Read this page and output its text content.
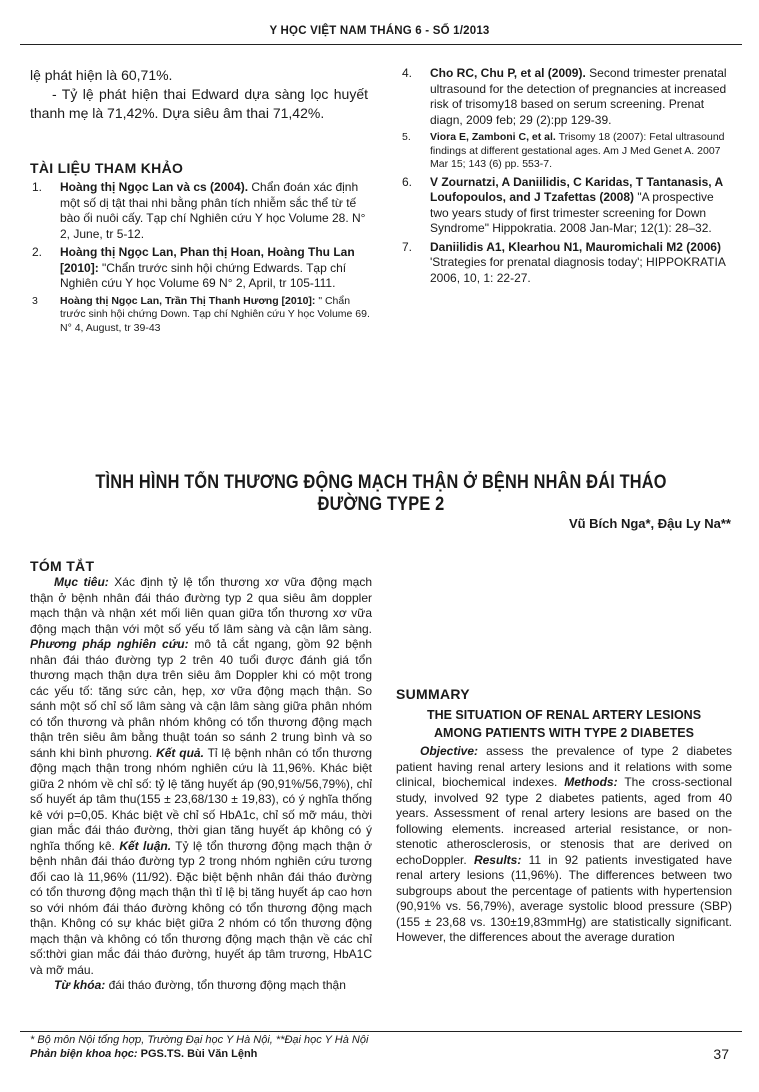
Y HỌC VIỆT NAM THÁNG 6 - SỐ 1/2013
lệ phát hiện là 60,71%.
- Tỷ lệ phát hiện thai Edward dựa sàng lọc huyết thanh mẹ là 71,42%. Dựa siêu âm thai 71,42%.
TÀI LIỆU THAM KHẢO
1.	Hoàng thị Ngọc Lan và cs (2004). Chẩn đoán xác định một số dị tật thai nhi bằng phân tích nhiễm sắc thể từ tế bào ối nuôi cấy. Tạp chí Nghiên cứu Y học Volume 28. N° 2, June, tr 5-12.
2.	Hoàng thị Ngọc Lan, Phan thị Hoan, Hoàng Thu Lan [2010]: "Chẩn trước sinh hội chứng Edwards. Tạp chí Nghiên cứu Y học Volume 69 N° 2, April, tr 105-111.
3	Hoàng thị Ngọc Lan, Trần Thị Thanh Hương [2010]: " Chẩn trước sinh hội chứng Down. Tạp chí Nghiên cứu Y học Volume 69. N° 4, August, tr 39-43
4.	Cho RC, Chu P, et al (2009). Second trimester prenatal ultrasound for the detection of pregnancies at increased risk of trisomy18 based on serum screening. Prenat diagn, 2009 feb; 29 (2):pp 129-39.
5.	Viora E, Zamboni C, et al. Trisomy 18 (2007): Fetal ultrasound findings at different gestational ages. Am J Med Genet A. 2007 Mar 15; 143 (6) pp. 553-7.
6.	V Zournatzi, A Daniilidis, C Karidas, T Tantanasis, A Loufopoulos, and J Tzafettas (2008) "A prospective two years study of first trimester screening for Down Syndrome" Hippokratia. 2008 Jan-Mar; 12(1): 28–32.
7.	Daniilidis A1, Klearhou N1, Mauromichali M2 (2006) 'Strategies for prenatal diagnosis today'; HIPPOKRATIA 2006, 10, 1: 22-27.
TÌNH HÌNH TỔN THƯƠNG ĐỘNG MẠCH THẬN Ở BỆNH NHÂN ĐÁI THÁO ĐƯỜNG TYPE 2
Vũ Bích Nga*, Đậu Ly Na**
TÓM TẮT

Mục tiêu: Xác định tỷ lệ tổn thương xơ vữa động mạch thận ở bệnh nhân đái tháo đường typ 2 qua siêu âm doppler mạch thận và nhận xét mối liên quan giữa tổn thương xơ vữa động mạch thận với một số yếu tố lâm sàng và cận lâm sàng. Phương pháp nghiên cứu: mô tả cắt ngang, gồm 92 bệnh nhân đái tháo đường typ 2 trên 40 tuổi được đánh giá tổn thương mạch thận dựa trên siêu âm Doppler khi có một trong các yếu tố: tăng sức cản, hẹp, xơ vữa động mạch thận. So sánh một số chỉ số lâm sàng và cận lâm sàng giữa phân nhóm có tổn thương và phân nhóm không có tổn thương động mạch thận trên siêu âm bằng thuật toán so sánh 2 trung bình và so sánh khi bình phương. Kết quả. Tỉ lệ bệnh nhân có tổn thương động mạch thận trong nhóm nghiên cứu là 11,96%. Khác biệt giữa 2 nhóm về chỉ số: tỷ lệ tăng huyết áp (90,91%/56,79%), chỉ số huyết áp tâm thu(155 ± 23,68/130 ± 19,83), có ý nghĩa thống kê với p=0,05. Khác biệt về chỉ số HbA1c, chỉ số mỡ máu, thời gian mắc đái tháo đường, thời gian tăng huyết áp không có ý nghĩa thống kê. Kết luận. Tỷ lệ tổn thương động mạch thận ở bệnh nhân đái tháo đường typ 2 trong nhóm nghiên cứu tương đối cao là 11,96% (11/92). Đặc biệt bệnh nhân đái tháo đường có tổn thương động mạch thận thì tỉ lệ bị tăng huyết áp cao hơn so với nhóm đái tháo đường không có tổn thương động mạch thận. Không có sự khác biệt giữa 2 nhóm có tổn thương động mạch thận và không có tổn thương động mạch thận về các chỉ số:thời gian mắc đái tháo đường, huyết áp tâm trương, HbA1C và mỡ máu.

Từ khóa: đái tháo đường, tổn thương động mạch thận

SUMMARY
THE SITUATION OF RENAL ARTERY LESIONS
AMONG PATIENTS WITH TYPE 2 DIABETES

Objective: assess the prevalence of type 2 diabetes patient having renal artery lesions and it relations with some clinical, biochemical indexes. Methods: The cross-sectional study, involved 92 type 2 diabetes patients, aged from 40 years. Assessment of renal artery lesions are based on the following elements. increased arterial resistance, or non-stenotic atherosclerosis, or stenosis that are derived on echoDoppler. Results: 11 in 92 patients investigated have renal artery lesions (11,96%). The differences between two subgroups about the percentage of patients with hypertension (90,91% vs. 56,79%), average systolic blood pressure (SBP) (155 ± 23,68 vs. 130±19,83mmHg) are statistically significant. However, the differences about the average duration

* Bộ môn Nội tổng hợp, Trường Đại học Y Hà Nội, **Đại học Y Hà Nội
Phản biện khoa học: PGS.TS. Bùi Văn Lệnh	37
